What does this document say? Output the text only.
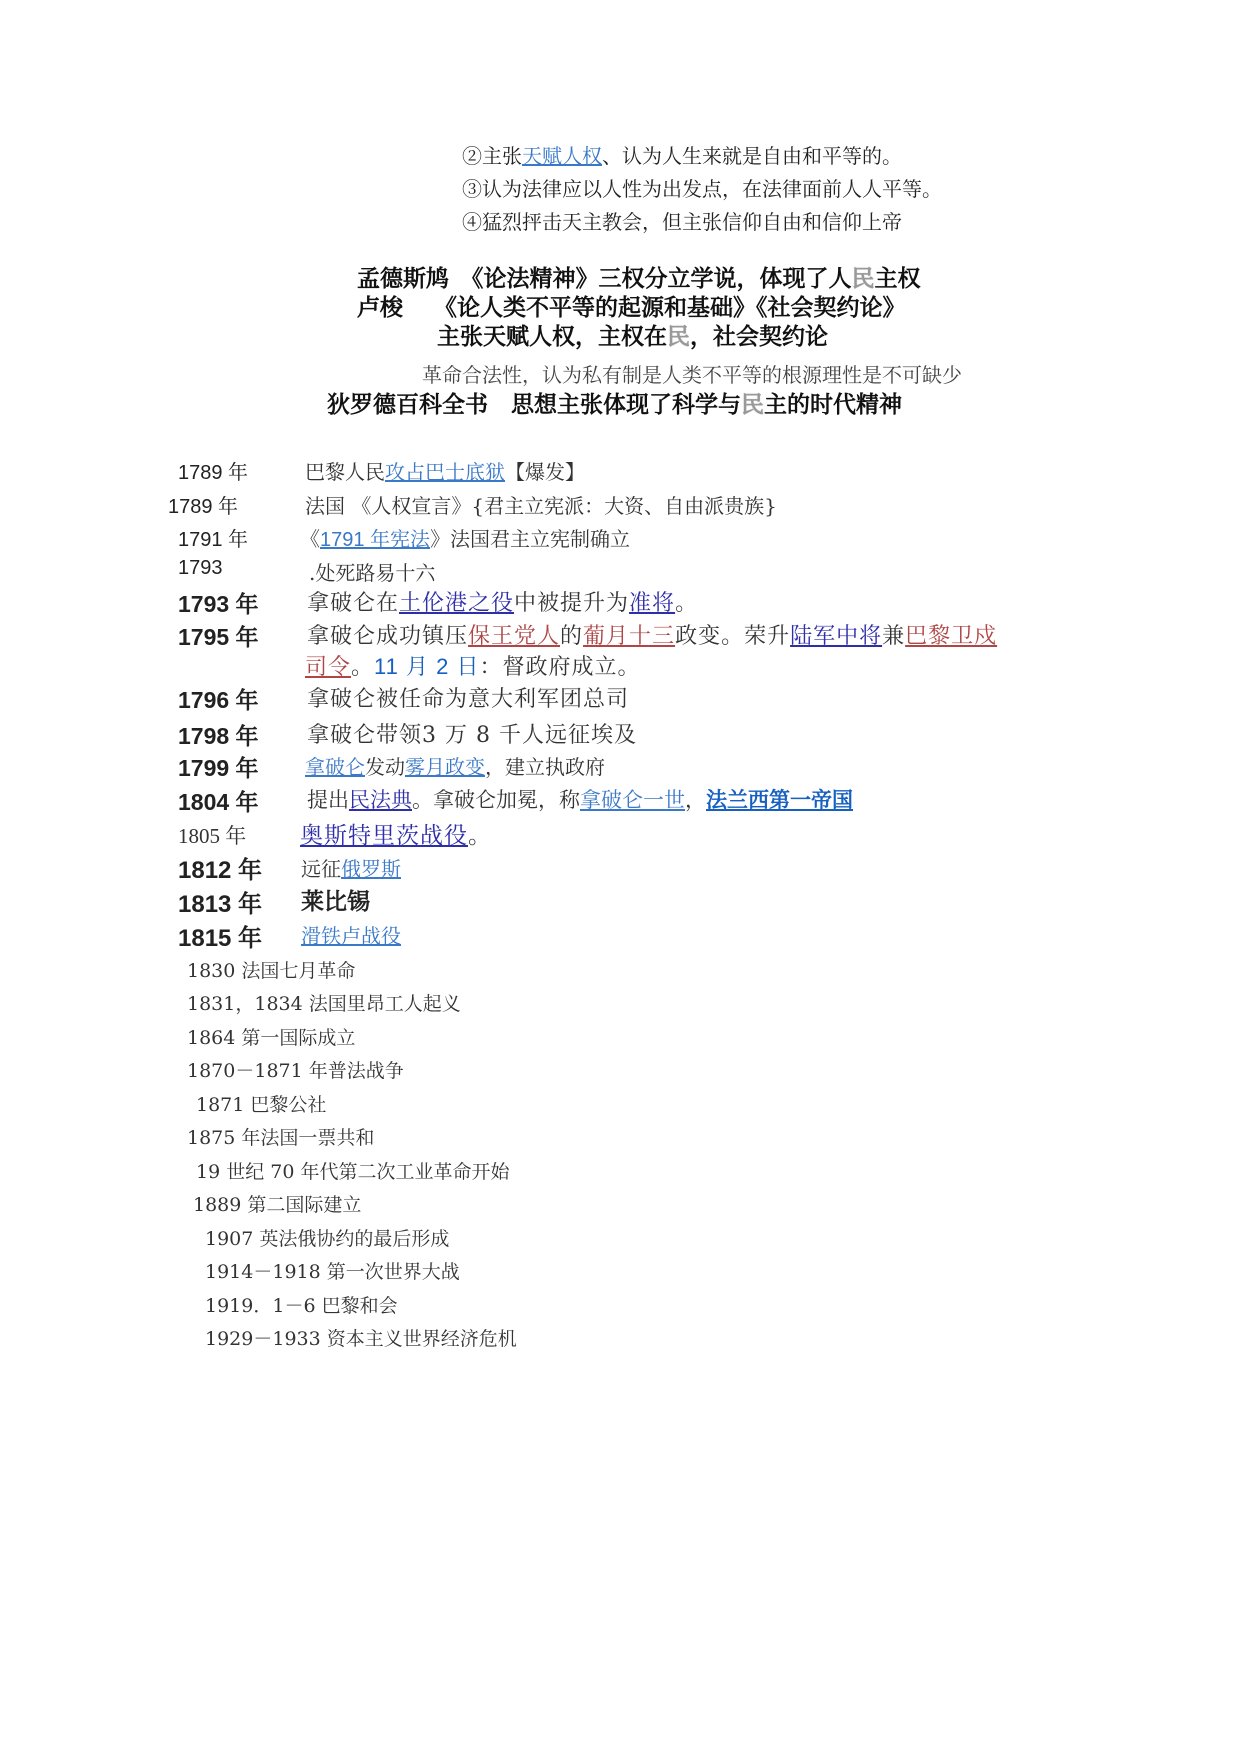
②主张天赋人权、认为人生来就是自由和平等的。
③认为法律应以人性为出发点，在法律面前人人平等。
④猛烈抨击天主教会，但主张信仰自由和信仰上帝
孟德斯鸠　《论法精神》三权分立学说，体现了人民主权
卢梭　 《论人类不平等的起源和基础》《社会契约论》
主张天赋人权，主权在民，社会契约论
革命合法性，认为私有制是人类不平等的根源理性是不可缺少
狄罗德百科全书　思想主张体现了科学与民主的时代精神
1789 年	巴黎人民攻占巴士底狱【爆发】
1789 年	法国 《人权宣言》{君主立宪派：大资、自由派贵族}
1791 年	《1791 年宪法》法国君主立宪制确立
1793	.处死路易十六
1793 年 拿破仑在土伦港之役中被提升为准将。
1795 年 拿破仑成功镇压保王党人的葡月十三政变。荣升陆军中将兼巴黎卫戍
司令。11 月 2 日：督政府成立。
1796 年 拿破仑被任命为意大利军团总司
1798 年 拿破仑带领3 万 8 千人远征埃及
1799 年 拿破仑发动雾月政变，建立执政府
1804 年 提出民法典。拿破仑加冕，称拿破仑一世，法兰西第一帝国
1805 年 奥斯特里茨战役。
1812 年 远征俄罗斯
1813 年 莱比锡
1815 年 滑铁卢战役
1830 法国七月革命
1831，1834 法国里昂工人起义
1864 第一国际成立
1870－1871 年普法战争
1871 巴黎公社
1875 年法国一票共和
19 世纪 70 年代第二次工业革命开始
1889 第二国际建立
1907 英法俄协约的最后形成
1914－1918 第一次世界大战
1919．1－6 巴黎和会
1929－1933 资本主义世界经济危机
